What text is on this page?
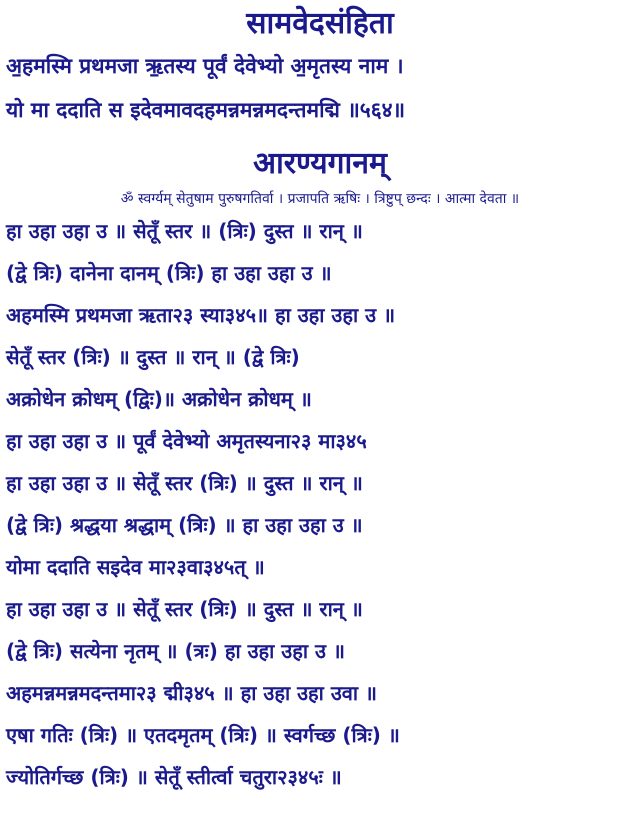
सामवेदसंहिता
अ॒हमस्मि प्रथमजा ऋ॒तस्य पूर्वं देवेभ्यो अ॒मृतस्य नाम ।
यो मा ददाति स इदेवमावदहमन्नमन्नमदन्तमद्मि ॥५६४॥
आरण्यगानम्
ॐ स्वर्ग्यम् सेतुषाम पुरुषगतिर्वा । प्रजापति ऋषिः । त्रिष्टुप् छन्दः । आत्मा देवता ॥
हा उहा उहा उ ॥ सेतूँ स्तर ॥ (त्रिः) दुस्त ॥ रान् ॥
(द्वे त्रिः) दानेना दानम् (त्रिः) हा उहा उहा उ ॥
अहमस्मि प्रथमजा ऋता२३ स्या३४५॥ हा उहा उहा उ ॥
सेतूँ स्तर (त्रिः) ॥ दुस्त ॥ रान् ॥ (द्वे त्रिः)
अक्रोधेन क्रोधम् (द्विः)॥ अक्रोधेन क्रोधम् ॥
हा उहा उहा उ ॥ पूर्वं देवेभ्यो अमृतस्यना२३ मा३४५
हा उहा उहा उ ॥ सेतूँ स्तर (त्रिः) ॥ दुस्त ॥ रान् ॥
(द्वे त्रिः) श्रद्धया श्रद्धाम् (त्रिः) ॥ हा उहा उहा उ ॥
योमा ददाति सइदेव मा२३वा३४५त् ॥
हा उहा उहा उ ॥ सेतूँ स्तर (त्रिः) ॥ दुस्त ॥ रान् ॥
(द्वे त्रिः) सत्येना नृतम् ॥ (त्रः) हा उहा उहा उ ॥
अहमन्नमन्नमदन्तमा२३ द्मी३४५ ॥ हा उहा उहा उवा ॥
एषा गतिः (त्रिः) ॥ एतदमृतम् (त्रिः) ॥ स्वर्गच्छ (त्रिः) ॥
ज्योतिर्गच्छ (त्रिः) ॥ सेतूँ स्तीर्त्वा चतुरा२३४५ः ॥
